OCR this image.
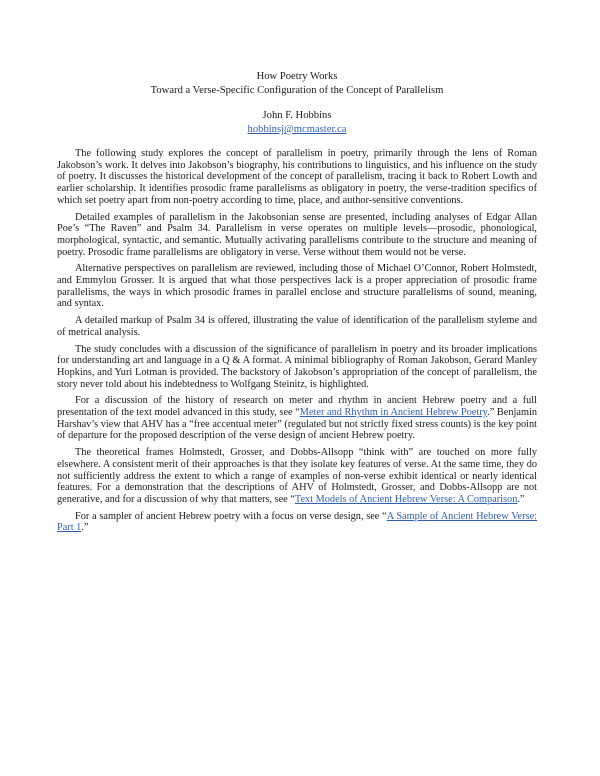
How Poetry Works

Toward a Verse-Specific Configuration of the Concept of Parallelism

John F. Hobbins
hobbinsj@mcmaster.ca

The following study explores the concept of parallelism in poetry, primarily through the lens of Roman Jakobson’s work. It delves into Jakobson’s biography, his contributions to linguistics, and his influence on the study of poetry. It discusses the historical development of the concept of parallelism, tracing it back to Robert Lowth and earlier scholarship. It identifies prosodic frame parallelisms as obligatory in poetry, the verse-tradition specifics of which set poetry apart from non-poetry according to time, place, and author-sensitive conventions.

Detailed examples of parallelism in the Jakobsonian sense are presented, including analyses of Edgar Allan Poe’s “The Raven” and Psalm 34. Parallelism in verse operates on multiple levels—prosodic, phonological, morphological, syntactic, and semantic. Mutually activating parallelisms contribute to the structure and meaning of poetry. Prosodic frame parallelisms are obligatory in verse. Verse without them would not be verse.

Alternative perspectives on parallelism are reviewed, including those of Michael O’Connor, Robert Holmstedt, and Emmylou Grosser. It is argued that what those perspectives lack is a proper appreciation of prosodic frame parallelisms, the ways in which prosodic frames in parallel enclose and structure parallelisms of sound, meaning, and syntax.

A detailed markup of Psalm 34 is offered, illustrating the value of identification of the parallelism styleme and of metrical analysis.

The study concludes with a discussion of the significance of parallelism in poetry and its broader implications for understanding art and language in a Q & A format. A minimal bibliography of Roman Jakobson, Gerard Manley Hopkins, and Yuri Lotman is provided. The backstory of Jakobson’s appropriation of the concept of parallelism, the story never told about his indebtedness to Wolfgang Steinitz, is highlighted.

For a discussion of the history of research on meter and rhythm in ancient Hebrew poetry and a full presentation of the text model advanced in this study, see “Meter and Rhythm in Ancient Hebrew Poetry.” Benjamin Harshav’s view that AHV has a “free accentual meter” (regulated but not strictly fixed stress counts) is the key point of departure for the proposed description of the verse design of ancient Hebrew poetry.

The theoretical frames Holmstedt, Grosser, and Dobbs-Allsopp “think with” are touched on more fully elsewhere. A consistent merit of their approaches is that they isolate key features of verse. At the same time, they do not sufficiently address the extent to which a range of examples of non-verse exhibit identical or nearly identical features. For a demonstration that the descriptions of AHV of Holmstedt, Grosser, and Dobbs-Allsopp are not generative, and for a discussion of why that matters, see “Text Models of Ancient Hebrew Verse: A Comparison.”

For a sampler of ancient Hebrew poetry with a focus on verse design, see “A Sample of Ancient Hebrew Verse: Part 1.”
